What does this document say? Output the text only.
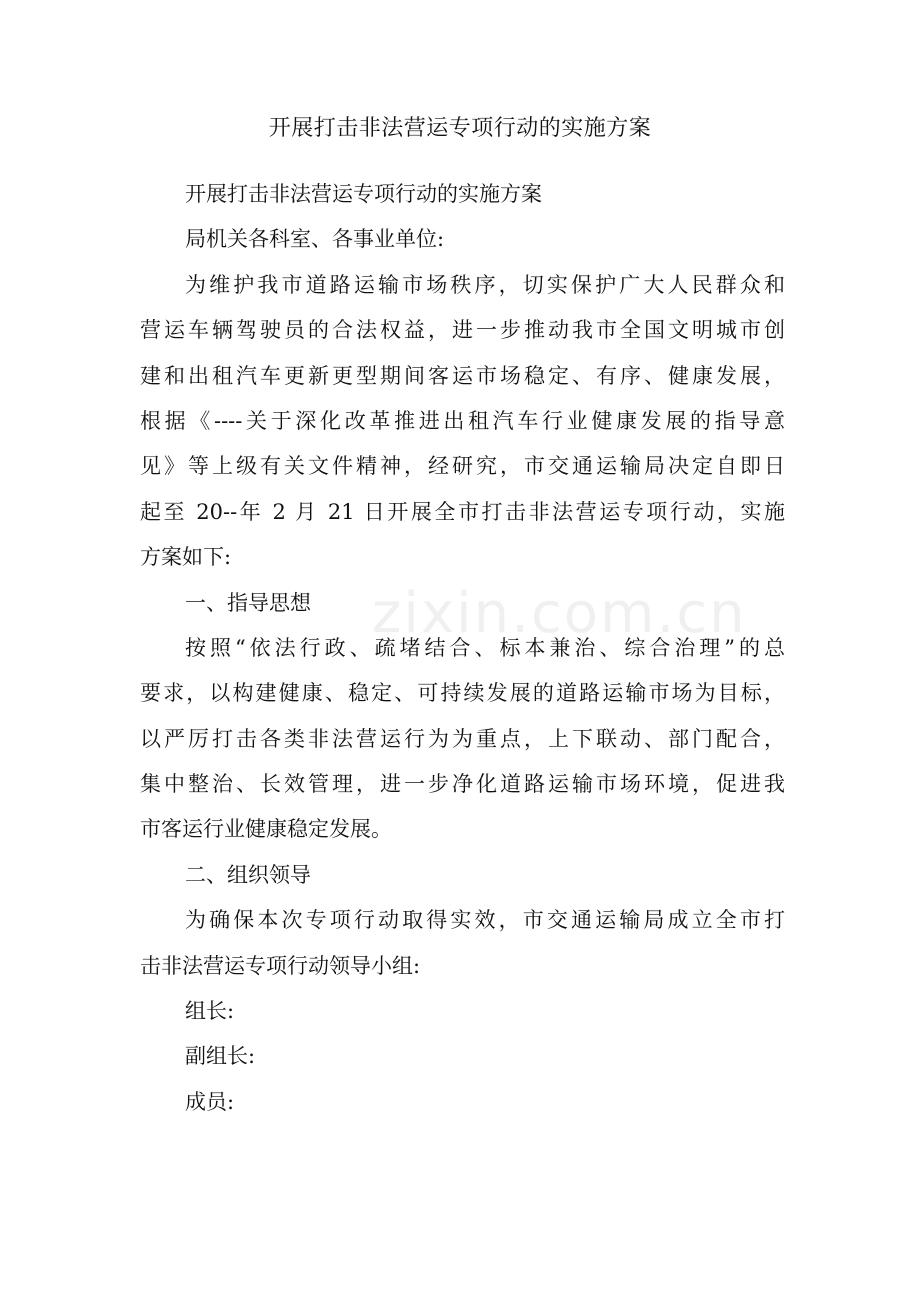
开展打击非法营运专项行动的实施方案
开展打击非法营运专项行动的实施方案
局机关各科室、各事业单位:
为维护我市道路运输市场秩序，切实保护广大人民群众和
营运车辆驾驶员的合法权益，进一步推动我市全国文明城市创
建和出租汽车更新更型期间客运市场稳定、有序、健康发展，
根据《----关于深化改革推进出租汽车行业健康发展的指导意
见》等上级有关文件精神，经研究，市交通运输局决定自即日
起至 20--年 2 月 21 日开展全市打击非法营运专项行动，实施
方案如下:
一、指导思想
按照“依法行政、疏堵结合、标本兼治、综合治理”的总
要求，以构建健康、稳定、可持续发展的道路运输市场为目标，
以严厉打击各类非法营运行为为重点，上下联动、部门配合，
集中整治、长效管理，进一步净化道路运输市场环境，促进我
市客运行业健康稳定发展。
二、组织领导
为确保本次专项行动取得实效，市交通运输局成立全市打
击非法营运专项行动领导小组:
组长:
副组长:
成员:
zixin.com.cn
